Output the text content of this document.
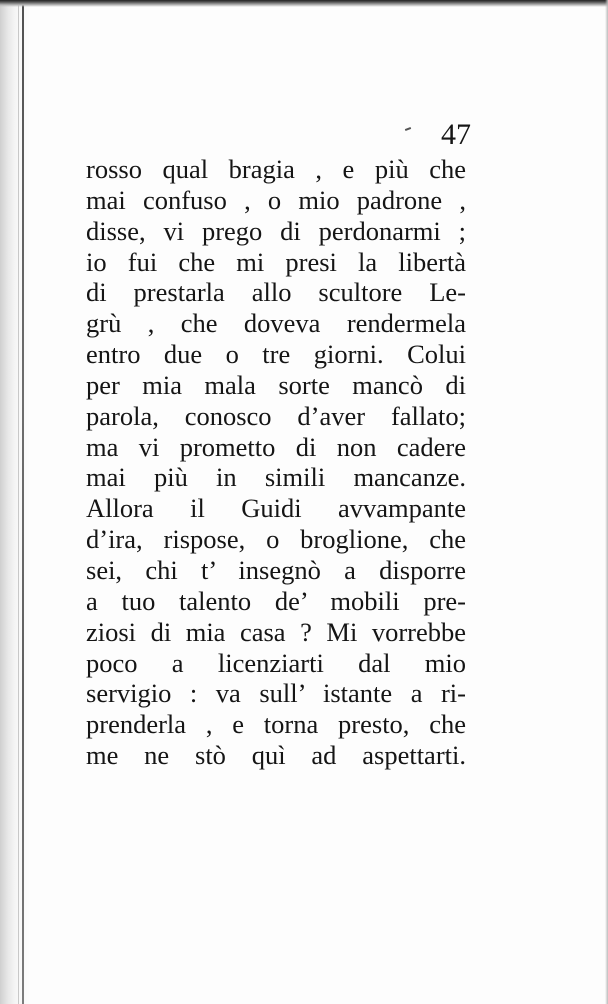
47
rosso qual bragia , e più che
mai confuso , o mio padrone ,
disse, vi prego di perdonarmi ;
io fui che mi presi la libertà
di prestarla allo scultore Le-
grù , che doveva rendermela
entro due o tre giorni. Colui
per mia mala sorte mancò di
parola, conosco d’aver fallato;
ma vi prometto di non cadere
mai più in simili mancanze.
Allora il Guidi avvampante
d’ira, rispose, o broglione, che
sei, chi t’ insegnò a disporre
a tuo talento de’ mobili pre-
ziosi di mia casa ? Mi vorrebbe
poco a licenziarti dal mio
servigio : va sull’ istante a ri-
prenderla , e torna presto, che
me ne stò quì ad aspettarti.
